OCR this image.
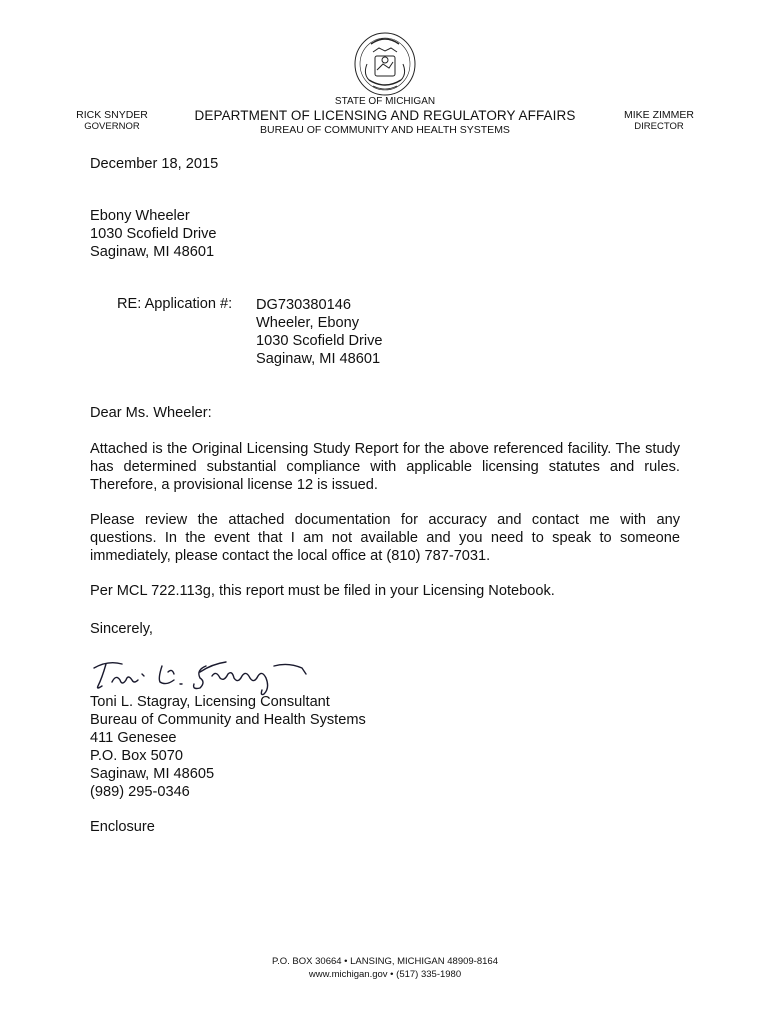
STATE OF MICHIGAN
DEPARTMENT OF LICENSING AND REGULATORY AFFAIRS
BUREAU OF COMMUNITY AND HEALTH SYSTEMS
RICK SNYDER
GOVERNOR
MIKE ZIMMER
DIRECTOR
December 18, 2015
Ebony Wheeler
1030 Scofield Drive
Saginaw, MI 48601
RE: Application #: DG730380146
Wheeler, Ebony
1030 Scofield Drive
Saginaw, MI 48601
Dear Ms. Wheeler:
Attached is the Original Licensing Study Report for the above referenced facility. The study has determined substantial compliance with applicable licensing statutes and rules. Therefore, a provisional license 12 is issued.
Please review the attached documentation for accuracy and contact me with any questions. In the event that I am not available and you need to speak to someone immediately, please contact the local office at (810) 787-7031.
Per MCL 722.113g, this report must be filed in your Licensing Notebook.
Sincerely,
Toni L. Stagray, Licensing Consultant
Bureau of Community and Health Systems
411 Genesee
P.O. Box 5070
Saginaw, MI 48605
(989) 295-0346
Enclosure
P.O. BOX 30664 • LANSING, MICHIGAN 48909-8164
www.michigan.gov • (517) 335-1980
